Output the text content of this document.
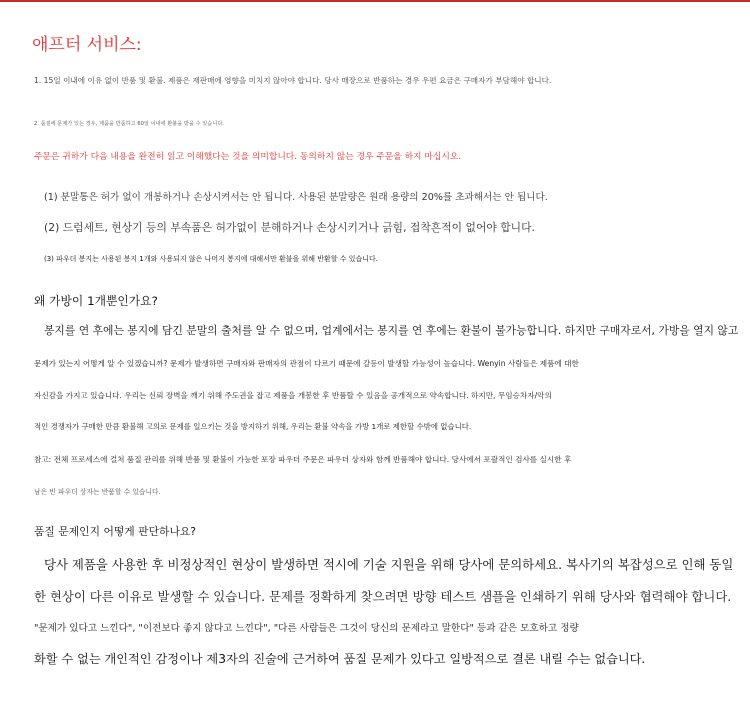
애프터 서비스:
1. 15일 이내에 이유 없이 반품 및 환불. 제품은 재판매에 영향을 미치지 않아야 합니다. 당사 매장으로 반품하는 경우 우편 요금은 구매자가 부담해야 합니다.
2. 품질에 문제가 있는 경우, 제품을 반품하고 60일 이내에 환불을 받을 수 있습니다.
주문은 귀하가 다음 내용을 완전히 읽고 이해했다는 것을 의미합니다. 동의하지 않는 경우 주문을 하지 마십시오.
(1) 분말통은 허가 없이 개봉하거나 손상시켜서는 안 됩니다. 사용된 분말량은 원래 용량의 20%를 초과해서는 안 됩니다.
(2) 드럼세트, 현상기 등의 부속품은 허가없이 분해하거나 손상시키거나 긁힘, 접착흔적이 없어야 합니다.
(3) 파우더 봉지는 사용된 봉지 1개와 사용되지 않은 나머지 봉지에 대해서만 환불을 위해 반환할 수 있습니다.
왜 가방이 1개뿐인가요?
봉지를 연 후에는 봉지에 담긴 분말의 출처를 알 수 없으며, 업계에서는 봉지를 연 후에는 환불이 불가능합니다. 하지만 구매자로서, 가방을 열지 않고
문제가 있는지 어떻게 알 수 있겠습니까? 문제가 발생하면 구매자와 판매자의 관점이 다르기 때문에 갈등이 발생할 가능성이 높습니다. Wenyin 사람들은 제품에 대한
자신감을 가지고 있습니다. 우리는 신뢰 장벽을 깨기 위해 주도권을 잡고 제품을 개봉한 후 반품할 수 있음을 공개적으로 약속합니다. 하지만, 무임승차자/악의
적인 경쟁자가 구매한 만큼 환불해 고의로 문제를 일으키는 것을 방지하기 위해, 우리는 환불 약속을 가방 1개로 제한할 수밖에 없습니다.
참고: 전체 프로세스에 걸쳐 품질 관리를 위해 반품 및 환불이 가능한 포장 파우더 주문은 파우더 상자와 함께 반품해야 합니다. 당사에서 포괄적인 검사를 실시한 후
남은 빈 파우더 상자는 반품할 수 있습니다.
품질 문제인지 어떻게 판단하나요?
당사 제품을 사용한 후 비정상적인 현상이 발생하면 적시에 기술 지원을 위해 당사에 문의하세요. 복사기의 복잡성으로 인해 동일
한 현상이 다른 이유로 발생할 수 있습니다. 문제를 정확하게 찾으려면 방향 테스트 샘플을 인쇄하기 위해 당사와 협력해야 합니다.
"문제가 있다고 느낀다", "이전보다 좋지 않다고 느낀다", "다른 사람들은 그것이 당신의 문제라고 말한다" 등과 같은 모호하고 정량
화할 수 없는 개인적인 감정이나 제3자의 진술에 근거하여 품질 문제가 있다고 일방적으로 결론 내릴 수는 없습니다.
